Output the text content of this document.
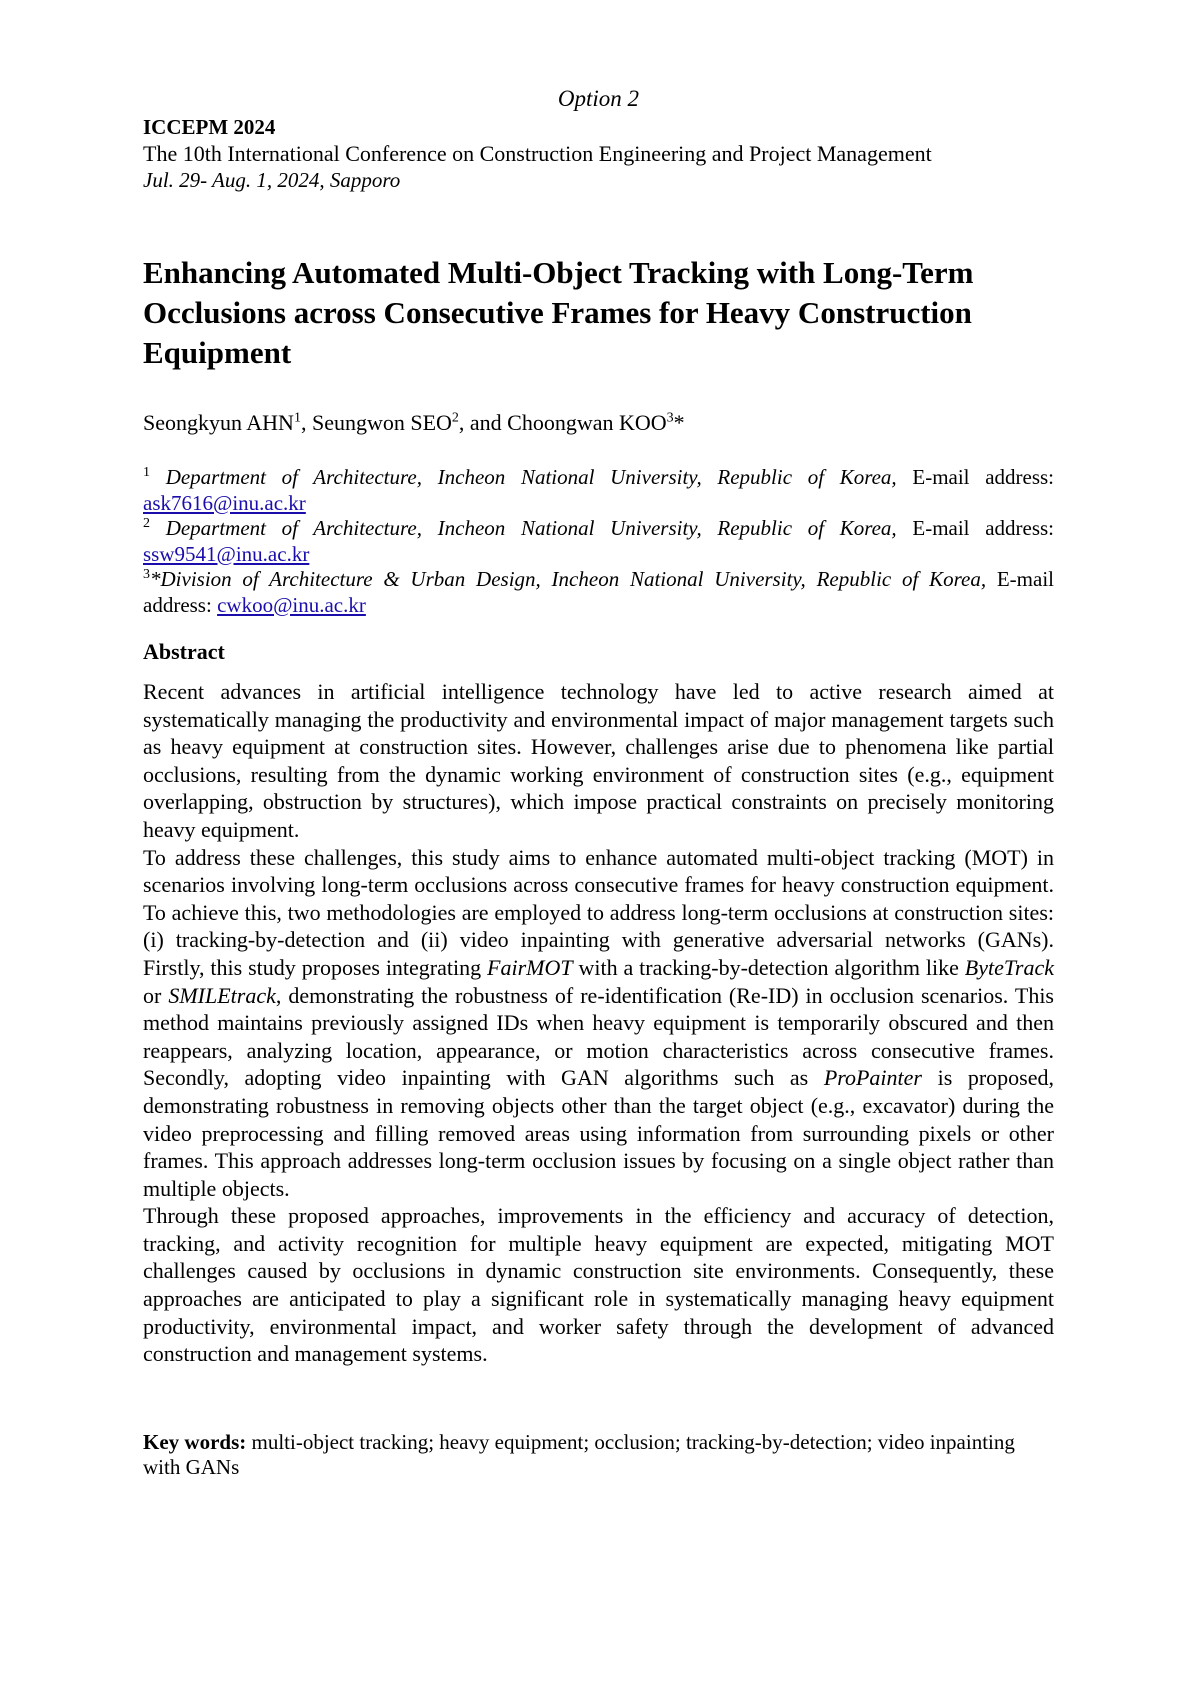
Option 2
ICCEPM 2024
The 10th International Conference on Construction Engineering and Project Management
Jul. 29- Aug. 1, 2024, Sapporo
Enhancing Automated Multi-Object Tracking with Long-Term Occlusions across Consecutive Frames for Heavy Construction Equipment
Seongkyun AHN$^1$, Seungwon SEO$^2$, and Choongwan KOO$^3$*
$^1$ Department of Architecture, Incheon National University, Republic of Korea, E-mail address: ask7616@inu.ac.kr
$^2$ Department of Architecture, Incheon National University, Republic of Korea, E-mail address: ssw9541@inu.ac.kr
$^3$*Division of Architecture & Urban Design, Incheon National University, Republic of Korea, E-mail address: cwkoo@inu.ac.kr
Abstract

Recent advances in artificial intelligence technology have led to active research aimed at systematically managing the productivity and environmental impact of major management targets such as heavy equipment at construction sites. However, challenges arise due to phenomena like partial occlusions, resulting from the dynamic working environment of construction sites (e.g., equipment overlapping, obstruction by structures), which impose practical constraints on precisely monitoring heavy equipment.

To address these challenges, this study aims to enhance automated multi-object tracking (MOT) in scenarios involving long-term occlusions across consecutive frames for heavy construction equipment. To achieve this, two methodologies are employed to address long-term occlusions at construction sites: (i) tracking-by-detection and (ii) video inpainting with generative adversarial networks (GANs). Firstly, this study proposes integrating FairMOT with a tracking-by-detection algorithm like ByteTrack or SMILEtrack, demonstrating the robustness of re-identification (Re-ID) in occlusion scenarios. This method maintains previously assigned IDs when heavy equipment is temporarily obscured and then reappears, analyzing location, appearance, or motion characteristics across consecutive frames. Secondly, adopting video inpainting with GAN algorithms such as ProPainter is proposed, demonstrating robustness in removing objects other than the target object (e.g., excavator) during the video preprocessing and filling removed areas using information from surrounding pixels or other frames. This approach addresses long-term occlusion issues by focusing on a single object rather than multiple objects.

Through these proposed approaches, improvements in the efficiency and accuracy of detection, tracking, and activity recognition for multiple heavy equipment are expected, mitigating MOT challenges caused by occlusions in dynamic construction site environments. Consequently, these approaches are anticipated to play a significant role in systematically managing heavy equipment productivity, environmental impact, and worker safety through the development of advanced construction and management systems.

Key words: multi-object tracking; heavy equipment; occlusion; tracking-by-detection; video inpainting with GANs
